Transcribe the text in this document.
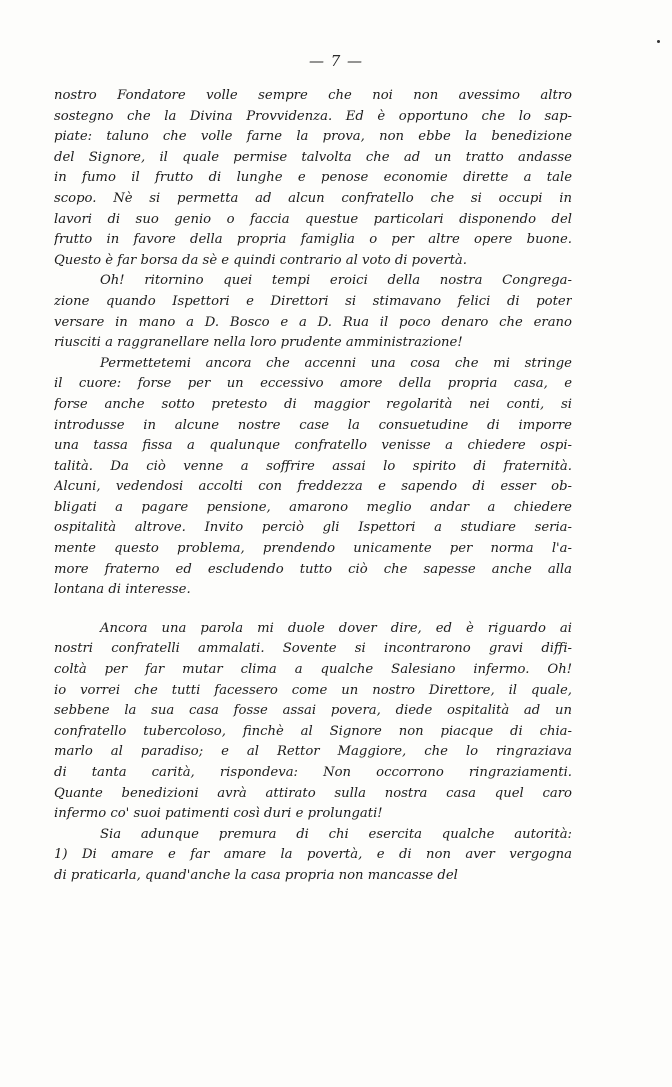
— 7 —
nostro Fondatore volle sempre che noi non avessimo altro
sostegno che la Divina Provvidenza. Ed è opportuno che lo sap-
piate: taluno che volle farne la prova, non ebbe la benedizione
del Signore, il quale permise talvolta che ad un tratto andasse
in fumo il frutto di lunghe e penose economie dirette a tale
scopo. Nè si permetta ad alcun confratello che si occupi in
lavori di suo genio o faccia questue particolari disponendo del
frutto in favore della propria famiglia o per altre opere buone.
Questo è far borsa da sè e quindi contrario al voto di povertà.
Oh! ritornino quei tempi eroici della nostra Congrega-
zione quando Ispettori e Direttori si stimavano felici di poter
versare in mano a D. Bosco e a D. Rua il poco denaro che erano
riusciti a raggranellare nella loro prudente amministrazione!
Permettetemi ancora che accenni una cosa che mi stringe
il cuore: forse per un eccessivo amore della propria casa, e
forse anche sotto pretesto di maggior regolarità nei conti, si
introdusse in alcune nostre case la consuetudine di imporre
una tassa fissa a qualunque confratello venisse a chiedere ospi-
talità. Da ciò venne a soffrire assai lo spirito di fraternità.
Alcuni, vedendosi accolti con freddezza e sapendo di esser ob-
bligati a pagare pensione, amarono meglio andar a chiedere
ospitalità altrove. Invito perciò gli Ispettori a studiare seria-
mente questo problema, prendendo unicamente per norma l'a-
more fraterno ed escludendo tutto ciò che sapesse anche alla
lontana di interesse.
Ancora una parola mi duole dover dire, ed è riguardo ai
nostri confratelli ammalati. Sovente si incontrarono gravi diffi-
coltà per far mutar clima a qualche Salesiano infermo. Oh!
io vorrei che tutti facessero come un nostro Direttore, il quale,
sebbene la sua casa fosse assai povera, diede ospitalità ad un
confratello tubercoloso, finchè al Signore non piacque di chia-
marlo al paradiso; e al Rettor Maggiore, che lo ringraziava
di tanta carità, rispondeva: Non occorrono ringraziamenti.
Quante benedizioni avrà attirato sulla nostra casa quel caro
infermo co' suoi patimenti così duri e prolungati!
Sia adunque premura di chi esercita qualche autorità:
1) Di amare e far amare la povertà, e di non aver vergogna
di praticarla, quand'anche la casa propria non mancasse del
